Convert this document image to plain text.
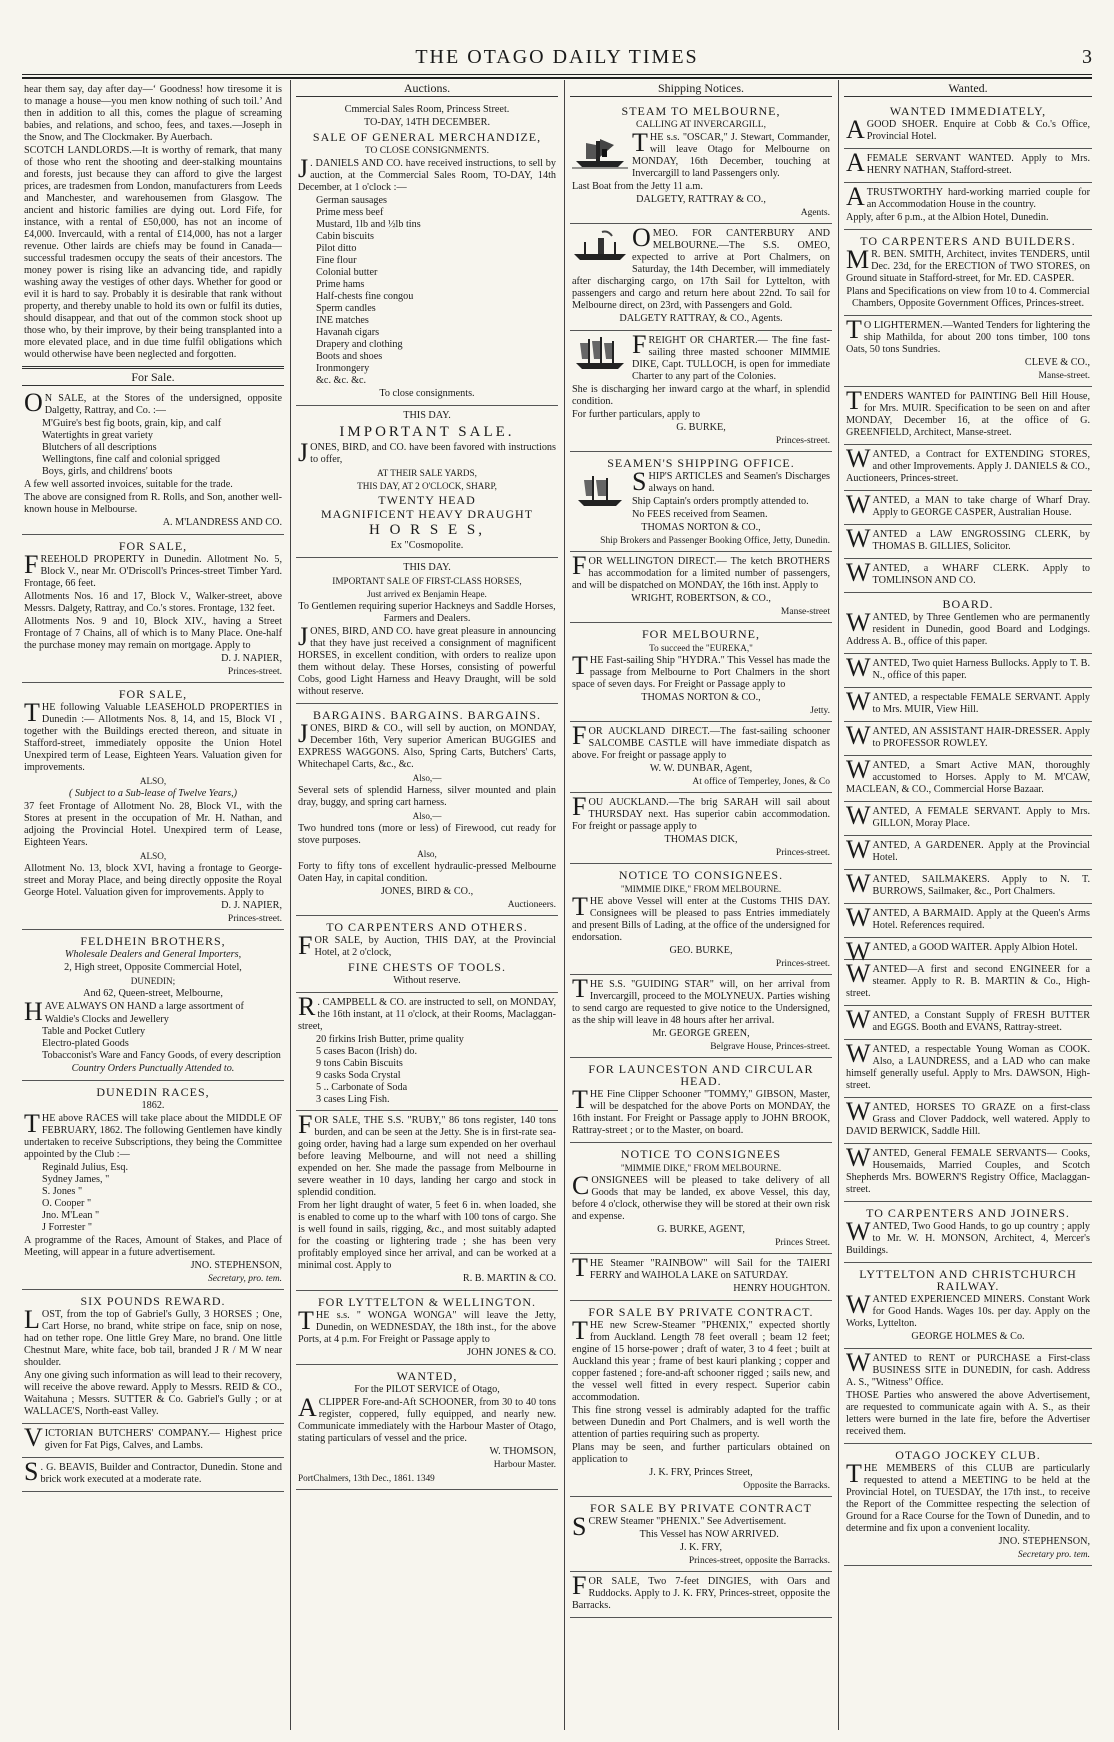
THE OTAGO DAILY TIMES	3

hear them say, day after day—‘ Goodness! how tiresome it is to manage a house—you men know nothing of such toil.’ And then in addition to all this, comes the plague of screaming babies, and relations, and schoo, fees, and taxes.—Joseph in the Snow, and The Clockmaker. By Auerbach.

SCOTCH LANDLORDS.—It is worthy of remark, that many of those who rent the shooting and deer-stalking mountains and forests, just because they can afford to give the largest prices, are tradesmen from London, manufacturers from Leeds and Manchester, and warehousemen from Glasgow. The ancient and historic families are dying out. Lord Fife, for instance, with a rental of £50,000, has not an income of £4,000. Invercauld, with a rental of £14,000, has not a larger revenue. Other lairds are chiefs may be found in Canada—successful tradesmen occupy the seats of their ancestors. The money power is rising like an advancing tide, and rapidly washing away the vestiges of other days. Whether for good or evil it is hard to say. Probably it is desirable that rank without property, and thereby unable to hold its own or fulfil its duties, should disappear, and that out of the common stock shoot up those who, by their improve, by their being transplanted into a more elevated place, and in due time fulfil obligations which would otherwise have been neglected and forgotten.

For Sale.
O N SALE, at the Stores of the undersigned, opposite Dalgetty, Rattray, and Co. :—

M'Guire's best fig boots, grain, kip, and calf
Watertights in great variety
Blutchers of all descriptions
Wellingtons, fine calf and colonial sprigged
Boys, girls, and childrens' boots

A few well assorted invoices, suitable for the trade.

The above are consigned from R. Rolls, and Son, another well-known house in Melbourse.

A. M'LANDRESS AND CO.

FOR SALE,
F REEHOLD PROPERTY in Dunedin. Allotment No. 5, Block V., near Mr. O'Driscoll's Princes-street Timber Yard. Frontage, 66 feet.

Allotments Nos. 16 and 17, Block V., Walker-street, above Messrs. Dalgety, Rattray, and Co.'s stores. Frontage, 132 feet.

Allotments Nos. 9 and 10, Block XIV., having a Street Frontage of 7 Chains, all of which is to Many Place. One-half the purchase money may remain on mortgage. Apply to

D. J. NAPIER,

Princes-street.

FOR SALE,
T HE following Valuable LEASEHOLD PROPERTIES in Dunedin :— Allotments Nos. 8, 14, and 15, Block VI , together with the Buildings erected thereon, and situate in Stafford-street, immediately opposite the Union Hotel Unexpired term of Lease, Eighteen Years. Valuation given for improvements.

ALSO,

( Subject to a Sub-lease of Twelve Years,)

37 feet Frontage of Allotment No. 28, Block VI., with the Stores at present in the occupation of Mr. H. Nathan, and adjoing the Provincial Hotel. Unexpired term of Lease, Eighteen Years.

ALSO,

Allotment No. 13, block XVI, having a frontage to George-street and Moray Place, and being directly opposite the Royal George Hotel. Valuation given for improvements. Apply to

D. J. NAPIER,

Princes-street.

FELDHEIN BROTHERS,

Wholesale Dealers and General Importers,

2, High street, Opposite Commercial Hotel,

DUNEDIN;

And 62, Queen-street, Melbourne,

H AVE ALWAYS ON HAND a large assortment of

Waldie's Clocks and Jewellery
Table and Pocket Cutlery
Electro-plated Goods
Tobacconist's Ware and Fancy Goods, of every description

Country Orders Punctually Attended to.

DUNEDIN RACES,

1862.

T HE above RACES will take place about the MIDDLE OF FEBRUARY, 1862. The following Gentlemen have kindly undertaken to receive Subscriptions, they being the Committee appointed by the Club :—

Reginald Julius, Esq.
Sydney James, "
S. Jones "
O. Cooper "
Jno. M'Lean "
J Forrester "

A programme of the Races, Amount of Stakes, and Place of Meeting, will appear in a future advertisement.

JNO. STEPHENSON,

Secretary, pro. tem.

SIX POUNDS REWARD.
L OST, from the top of Gabriel's Gully, 3 HORSES ; One, Cart Horse, no brand, white stripe on face, snip on nose, had on tether rope. One little Grey Mare, no brand. One little Chestnut Mare, white face, bob tail, branded J R / M W near shoulder.

Any one giving such information as will lead to their recovery, will receive the above reward. Apply to Messrs. REID & CO., Waitahuna ; Messrs. SUTTER & Co. Gabriel's Gully ; or at WALLACE'S, North-east Valley.

V ICTORIAN BUTCHERS' COMPANY.— Highest price given for Fat Pigs, Calves, and Lambs.

S . G. BEAVIS, Builder and Contractor, Dunedin. Stone and brick work executed at a moderate rate.

Auctions.

Cmmercial Sales Room, Princess Street.

TO-DAY, 14TH DECEMBER.

SALE OF GENERAL MERCHANDIZE,

TO CLOSE CONSIGNMENTS.

J . DANIELS AND CO. have received instructions, to sell by auction, at the Commercial Sales Room, TO-DAY, 14th December, at 1 o'clock :—

German sausages
Prime mess beef
Mustard, 1lb and ½lb tins
Cabin biscuits
Pilot ditto
Fine flour
Colonial butter
Prime hams
Half-chests fine congou
Sperm candles
INE matches
Havanah cigars
Drapery and clothing
Boots and shoes
Ironmongery
&c. &c. &c.

To close consignments.

THIS DAY.

IMPORTANT SALE.
J ONES, BIRD, and CO. have been favored with instructions to offer,

AT THEIR SALE YARDS,

THIS DAY, AT 2 O'CLOCK, SHARP,

TWENTY HEAD
MAGNIFICENT HEAVY DRAUGHT
H O R S E S,

Ex "Cosmopolite.

THIS DAY.

IMPORTANT SALE OF FIRST-CLASS HORSES,

Just arrived ex Benjamin Heape.

To Gentlemen requiring superior Hackneys and Saddle Horses, Farmers and Dealers.

J ONES, BIRD, AND CO. have great pleasure in announcing that they have just received a consignment of magnificent HORSES, in excellent condition, with orders to realize upon them without delay. These Horses, consisting of powerful Cobs, good Light Harness and Heavy Draught, will be sold without reserve.

BARGAINS. BARGAINS. BARGAINS.
J ONES, BIRD & CO., will sell by auction, on MONDAY, December 16th, Very superior American BUGGIES and EXPRESS WAGGONS. Also, Spring Carts, Butchers' Carts, Whitechapel Carts, &c., &c.

Also,—

Several sets of splendid Harness, silver mounted and plain dray, buggy, and spring cart harness.

Also,—

Two hundred tons (more or less) of Firewood, cut ready for stove purposes.

Also,

Forty to fifty tons of excellent hydraulic-pressed Melbourne Oaten Hay, in capital condition.

JONES, BIRD & CO.,

Auctioneers.

TO CARPENTERS AND OTHERS.
F OR SALE, by Auction, THIS DAY, at the Provincial Hotel, at 2 o'clock,

FINE CHESTS OF TOOLS.

Without reserve.

R . CAMPBELL & CO. are instructed to sell, on MONDAY, the 16th instant, at 11 o'clock, at their Rooms, Maclaggan-street,

20 firkins Irish Butter, prime quality
5 cases Bacon (Irish) do.
9 tons Cabin Biscuits
9 casks Soda Crystal
5 .. Carbonate of Soda
3 cases Ling Fish.
F OR SALE, THE S.S. "RUBY," 86 tons register, 140 tons burden, and can be seen at the Jetty. She is in first-rate sea-going order, having had a large sum expended on her overhaul before leaving Melbourne, and will not need a shilling expended on her. She made the passage from Melbourne in severe weather in 10 days, landing her cargo and stock in splendid condition.

From her light draught of water, 5 feet 6 in. when loaded, she is enabled to come up to the wharf with 100 tons of cargo. She is well found in sails, rigging, &c., and most suitably adapted for the coasting or lightering trade ; she has been very profitably employed since her arrival, and can be worked at a minimal cost. Apply to

R. B. MARTIN & CO.

FOR LYTTELTON & WELLINGTON.
T HE s.s. " WONGA WONGA" will leave the Jetty, Dunedin, on WEDNESDAY, the 18th inst., for the above Ports, at 4 p.m. For Freight or Passage apply to

JOHN JONES & CO.

WANTED,

For the PILOT SERVICE of Otago,

A CLIPPER Fore-and-Aft SCHOONER, from 30 to 40 tons register, coppered, fully equipped, and nearly new. Communicate immediately with the Harbour Master of Otago, stating particulars of vessel and the price.

W. THOMSON,

Harbour Master.

PortChalmers, 13th Dec., 1861. 1349

Shipping Notices.
STEAM TO MELBOURNE,

CALLING AT INVERCARGILL,

T HE s.s. "OSCAR," J. Stewart, Commander, will leave Otago for Melbourne on MONDAY, 16th December, touching at Invercargill to land Passengers only.

Last Boat from the Jetty 11 a.m.

DALGETY, RATTRAY & CO.,

Agents.

O MEO. FOR CANTERBURY AND MELBOURNE.—The S.S. OMEO, expected to arrive at Port Chalmers, on Saturday, the 14th December, will immediately after discharging cargo, on 17th Sail for Lyttelton, with passengers and cargo and return here about 22nd. To sail for Melbourne direct, on 23rd, with Passengers and Gold.

DALGETY RATTRAY, & CO., Agents.

F REIGHT OR CHARTER.— The fine fast-sailing three masted schooner MIMMIE DIKE, Capt. TULLOCH, is open for immediate Charter to any part of the Colonies.

She is discharging her inward cargo at the wharf, in splendid condition.

For further particulars, apply to

G. BURKE,

Princes-street.

SEAMEN'S SHIPPING OFFICE.
S HIP'S ARTICLES and Seamen's Discharges always on hand.

Ship Captain's orders promptly attended to.

No FEES received from Seamen.

THOMAS NORTON & CO.,

Ship Brokers and Passenger Booking Office, Jetty, Dunedin.

F OR WELLINGTON DIRECT.— The ketch BROTHERS has accommodation for a limited number of passengers, and will be dispatched on MONDAY, the 16th inst. Apply to

WRIGHT, ROBERTSON, & CO.,

Manse-street

FOR MELBOURNE,

To succeed the "EUREKA,"

T HE Fast-sailing Ship "HYDRA." This Vessel has made the passage from Melbourne to Port Chalmers in the short space of seven days. For Freight or Passage apply to

THOMAS NORTON & CO.,

Jetty.

F OR AUCKLAND DIRECT.—The fast-sailing schooner SALCOMBE CASTLE will have immediate dispatch as above. For freight or passage apply to

W. W. DUNBAR, Agent,

At office of Temperley, Jones, & Co

F OU AUCKLAND.—The brig SARAH will sail about THURSDAY next. Has superior cabin accommodation. For freight or passage apply to

THOMAS DICK,

Princes-street.

NOTICE TO CONSIGNEES.

"MIMMIE DIKE," FROM MELBOURNE.

T HE above Vessel will enter at the Customs THIS DAY. Consignees will be pleased to pass Entries immediately and present Bills of Lading, at the office of the undersigned for endorsation.

GEO. BURKE,

Princes-street.

T HE S.S. "GUIDING STAR" will, on her arrival from Invercargill, proceed to the MOLYNEUX. Parties wishing to send cargo are requested to give notice to the Undersigned, as the ship will leave in 48 hours after her arrival.

Mr. GEORGE GREEN,

Belgrave House, Princes-street.

FOR LAUNCESTON AND CIRCULAR HEAD.
T HE Fine Clipper Schooner "TOMMY," GIBSON, Master, will be despatched for the above Ports on MONDAY, the 16th instant. For Freight or Passage apply to JOHN BROOK, Rattray-street ; or to the Master, on board.

NOTICE TO CONSIGNEES

"MIMMIE DIKE," FROM MELBOURNE.

C ONSIGNEES will be pleased to take delivery of all Goods that may be landed, ex above Vessel, this day, before 4 o'clock, otherwise they will be stored at their own risk and expense.

G. BURKE, AGENT,

Princes Street.

T HE Steamer "RAINBOW" will Sail for the TAIERI FERRY and WAIHOLA LAKE on SATURDAY.

HENRY HOUGHTON.

FOR SALE BY PRIVATE CONTRACT.
T HE new Screw-Steamer "PHŒNIX," expected shortly from Auckland. Length 78 feet overall ; beam 12 feet; engine of 15 horse-power ; draft of water, 3 to 4 feet ; built at Auckland this year ; frame of best kauri planking ; copper and copper fastened ; fore-and-aft schooner rigged ; sails new, and the vessel well fitted in every respect. Superior cabin accommodation.

This fine strong vessel is admirably adapted for the traffic between Dunedin and Port Chalmers, and is well worth the attention of parties requiring such as property.

Plans may be seen, and further particulars obtained on application to

J. K. FRY, Princes Street,

Opposite the Barracks.

FOR SALE BY PRIVATE CONTRACT
S CREW Steamer "PHENIX." See Advertisement.

This Vessel has NOW ARRIVED.

J. K. FRY,

Princes-street, opposite the Barracks.

F OR SALE, Two 7-feet DINGIES, with Oars and Ruddocks. Apply to J. K. FRY, Princes-street, opposite the Barracks.

Wanted.
WANTED IMMEDIATELY,
A GOOD SHOER. Enquire at Cobb & Co.'s Office, Provincial Hotel.

A FEMALE SERVANT WANTED. Apply to Mrs. HENRY NATHAN, Stafford-street.

A TRUSTWORTHY hard-working married couple for an Accommodation House in the country.

Apply, after 6 p.m., at the Albion Hotel, Dunedin.

TO CARPENTERS AND BUILDERS.
M R. BEN. SMITH, Architect, invites TENDERS, until Dec. 23d, for the ERECTION of TWO STORES, on Ground situate in Stafford-street, for Mr. ED. CASPER.

Plans and Specifications on view from 10 to 4. Commercial Chambers, Opposite Government Offices, Princes-street.

T O LIGHTERMEN.—Wanted Tenders for lightering the ship Mathilda, for about 200 tons timber, 100 tons Oats, 50 tons Sundries.

CLEVE & CO.,

Manse-street.

T ENDERS WANTED for PAINTING Bell Hill House, for Mrs. MUIR. Specification to be seen on and after MONDAY, December 16, at the office of G. GREENFIELD, Architect, Manse-street.

W ANTED, a Contract for EXTENDING STORES, and other Improvements. Apply J. DANIELS & CO., Auctioneers, Princes-street.

W ANTED, a MAN to take charge of Wharf Dray. Apply to GEORGE CASPER, Australian House.

W ANTED a LAW ENGROSSING CLERK, by THOMAS B. GILLIES, Solicitor.

W ANTED, a WHARF CLERK. Apply to TOMLINSON AND CO.

BOARD.
W ANTED, by Three Gentlemen who are permanently resident in Dunedin, good Board and Lodgings. Address A. B., office of this paper.

W ANTED, Two quiet Harness Bullocks. Apply to T. B. N., office of this paper.

W ANTED, a respectable FEMALE SERVANT. Apply to Mrs. MUIR, View Hill.

W ANTED, AN ASSISTANT HAIR-DRESSER. Apply to PROFESSOR ROWLEY.

W ANTED, a Smart Active MAN, thoroughly accustomed to Horses. Apply to M. M'CAW, MACLEAN, & CO., Commercial Horse Bazaar.

W ANTED, A FEMALE SERVANT. Apply to Mrs. GILLON, Moray Place.

W ANTED, A GARDENER. Apply at the Provincial Hotel.

W ANTED, SAILMAKERS. Apply to N. T. BURROWS, Sailmaker, &c., Port Chalmers.

W ANTED, A BARMAID. Apply at the Queen's Arms Hotel. References required.

W ANTED, a GOOD WAITER. Apply Albion Hotel.

W ANTED—A first and second ENGINEER for a steamer. Apply to R. B. MARTIN & Co., High-street.

W ANTED, a Constant Supply of FRESH BUTTER and EGGS. Booth and EVANS, Rattray-street.

W ANTED, a respectable Young Woman as COOK. Also, a LAUNDRESS, and a LAD who can make himself generally useful. Apply to Mrs. DAWSON, High-street.

W ANTED, HORSES TO GRAZE on a first-class Grass and Clover Paddock, well watered. Apply to DAVID BERWICK, Saddle Hill.

W ANTED, General FEMALE SERVANTS— Cooks, Housemaids, Married Couples, and Scotch Shepherds Mrs. BOWERN'S Registry Office, Maclaggan-street.

TO CARPENTERS AND JOINERS.
W ANTED, Two Good Hands, to go up country ; apply to Mr. W. H. MONSON, Architect, 4, Mercer's Buildings.

LYTTELTON AND CHRISTCHURCH RAILWAY.
W ANTED EXPERIENCED MINERS. Constant Work for Good Hands. Wages 10s. per day. Apply on the Works, Lyttelton.

GEORGE HOLMES & Co.

W ANTED to RENT or PURCHASE a First-class BUSINESS SITE in DUNEDIN, for cash. Address A. S., "Witness" Office.

THOSE Parties who answered the above Advertisement, are requested to communicate again with A. S., as their letters were burned in the late fire, before the Advertiser received them.

OTAGO JOCKEY CLUB.
T HE MEMBERS of this CLUB are particularly requested to attend a MEETING to be held at the Provincial Hotel, on TUESDAY, the 17th inst., to receive the Report of the Committee respecting the selection of Ground for a Race Course for the Town of Dunedin, and to determine and fix upon a convenient locality.

JNO. STEPHENSON,

Secretary pro. tem.
